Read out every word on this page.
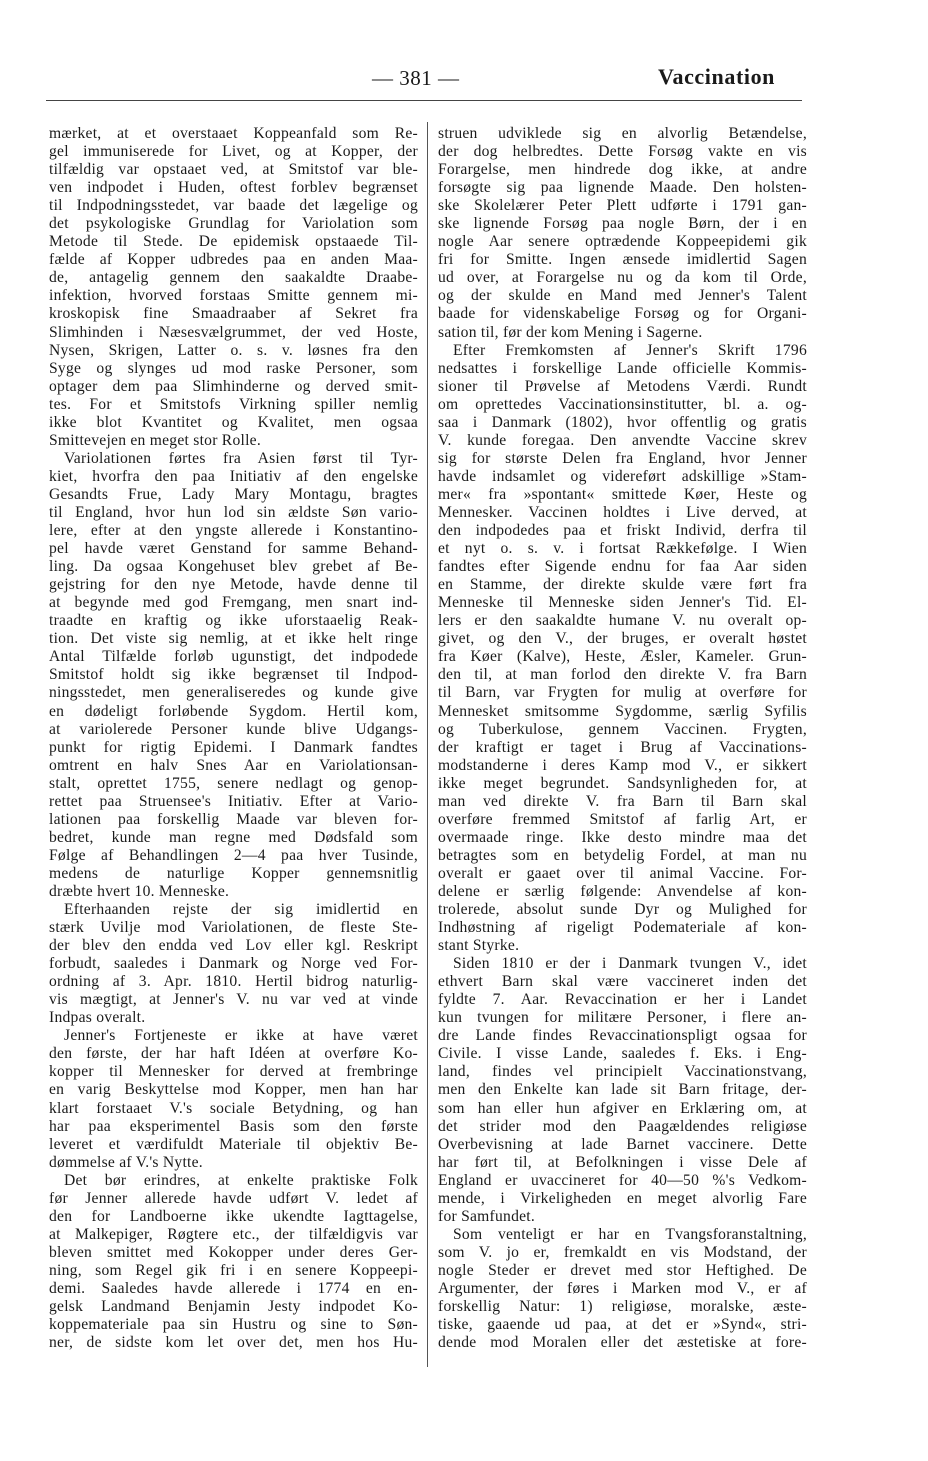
— 381 —	Vaccination
mærket, at et overstaaet Koppeanfald som Re-
gel immuniserede for Livet, og at Kopper, der
tilfældig var opstaaet ved, at Smitstof var ble-
ven indpodet i Huden, oftest forblev begrænset
til Indpodningsstedet, var baade det lægelige og
det psykologiske Grundlag for Variolation som
Metode til Stede. De epidemisk opstaaede Til-
fælde af Kopper udbredes paa en anden Maa-
de, antagelig gennem den saakaldte Draabe-
infektion, hvorved forstaas Smitte gennem mi-
kroskopisk fine Smaadraaber af Sekret fra
Slimhinden i Næsesvælgrummet, der ved Hoste,
Nysen, Skrigen, Latter o. s. v. løsnes fra den
Syge og slynges ud mod raske Personer, som
optager dem paa Slimhinderne og derved smit-
tes. For et Smitstofs Virkning spiller nemlig
ikke blot Kvantitet og Kvalitet, men ogsaa
Smittevejen en meget stor Rolle.
Variolationen førtes fra Asien først til Tyr-
kiet, hvorfra den paa Initiativ af den engelske
Gesandts Frue, Lady Mary Montagu, bragtes
til England, hvor hun lod sin ældste Søn vario-
lere, efter at den yngste allerede i Konstantino-
pel havde været Genstand for samme Behand-
ling. Da ogsaa Kongehuset blev grebet af Be-
gejstring for den nye Metode, havde denne til
at begynde med god Fremgang, men snart ind-
traadte en kraftig og ikke uforstaaelig Reak-
tion. Det viste sig nemlig, at et ikke helt ringe
Antal Tilfælde forløb ugunstigt, det indpodede
Smitstof holdt sig ikke begrænset til Indpod-
ningsstedet, men generaliseredes og kunde give
en dødeligt forløbende Sygdom. Hertil kom,
at variolerede Personer kunde blive Udgangs-
punkt for rigtig Epidemi. I Danmark fandtes
omtrent en halv Snes Aar en Variolationsan-
stalt, oprettet 1755, senere nedlagt og genop-
rettet paa Struensee's Initiativ. Efter at Vario-
lationen paa forskellig Maade var bleven for-
bedret, kunde man regne med Dødsfald som
Følge af Behandlingen 2—4 paa hver Tusinde,
medens de naturlige Kopper gennemsnitlig
dræbte hvert 10. Menneske.
Efterhaanden rejste der sig imidlertid en
stærk Uvilje mod Variolationen, de fleste Ste-
der blev den endda ved Lov eller kgl. Reskript
forbudt, saaledes i Danmark og Norge ved For-
ordning af 3. Apr. 1810. Hertil bidrog naturlig-
vis mægtigt, at Jenner's V. nu var ved at vinde
Indpas overalt.
Jenner's Fortjeneste er ikke at have været
den første, der har haft Idéen at overføre Ko-
kopper til Mennesker for derved at frembringe
en varig Beskyttelse mod Kopper, men han har
klart forstaaet V.'s sociale Betydning, og han
har paa eksperimentel Basis som den første
leveret et værdifuldt Materiale til objektiv Be-
dømmelse af V.'s Nytte.
Det bør erindres, at enkelte praktiske Folk
før Jenner allerede havde udført V. ledet af
den for Landboerne ikke ukendte Iagttagelse,
at Malkepiger, Røgtere etc., der tilfældigvis var
bleven smittet med Kokopper under deres Ger-
ning, som Regel gik fri i en senere Koppeepi-
demi. Saaledes havde allerede i 1774 en en-
gelsk Landmand Benjamin Jesty indpodet Ko-
koppemateriale paa sin Hustru og sine to Søn-
ner, de sidste kom let over det, men hos Hu-
struen udviklede sig en alvorlig Betændelse,
der dog helbredtes. Dette Forsøg vakte en vis
Forargelse, men hindrede dog ikke, at andre
forsøgte sig paa lignende Maade. Den holsten-
ske Skolelærer Peter Plett udførte i 1791 gan-
ske lignende Forsøg paa nogle Børn, der i en
nogle Aar senere optrædende Koppeepidemi gik
fri for Smitte. Ingen ænsede imidlertid Sagen
ud over, at Forargelse nu og da kom til Orde,
og der skulde en Mand med Jenner's Talent
baade for videnskabelige Forsøg og for Organi-
sation til, før der kom Mening i Sagerne.
Efter Fremkomsten af Jenner's Skrift 1796
nedsattes i forskellige Lande officielle Kommis-
sioner til Prøvelse af Metodens Værdi. Rundt
om oprettedes Vaccinationsinstitutter, bl. a. og-
saa i Danmark (1802), hvor offentlig og gratis
V. kunde foregaa. Den anvendte Vaccine skrev
sig for største Delen fra England, hvor Jenner
havde indsamlet og videreført adskillige »Stam-
mer« fra »spontant« smittede Køer, Heste og
Mennesker. Vaccinen holdtes i Live derved, at
den indpodedes paa et friskt Individ, derfra til
et nyt o. s. v. i fortsat Rækkefølge. I Wien
fandtes efter Sigende endnu for faa Aar siden
en Stamme, der direkte skulde være ført fra
Menneske til Menneske siden Jenner's Tid. El-
lers er den saakaldte humane V. nu overalt op-
givet, og den V., der bruges, er overalt høstet
fra Køer (Kalve), Heste, Æsler, Kameler. Grun-
den til, at man forlod den direkte V. fra Barn
til Barn, var Frygten for mulig at overføre for
Mennesket smitsomme Sygdomme, særlig Syfilis
og Tuberkulose, gennem Vaccinen. Frygten,
der kraftigt er taget i Brug af Vaccinations-
modstanderne i deres Kamp mod V., er sikkert
ikke meget begrundet. Sandsynligheden for, at
man ved direkte V. fra Barn til Barn skal
overføre fremmed Smitstof af farlig Art, er
overmaade ringe. Ikke desto mindre maa det
betragtes som en betydelig Fordel, at man nu
overalt er gaaet over til animal Vaccine. For-
delene er særlig følgende: Anvendelse af kon-
trolerede, absolut sunde Dyr og Mulighed for
Indhøstning af rigeligt Podemateriale af kon-
stant Styrke.
Siden 1810 er der i Danmark tvungen V., idet
ethvert Barn skal være vaccineret inden det
fyldte 7. Aar. Revaccination er her i Landet
kun tvungen for militære Personer, i flere an-
dre Lande findes Revaccinationspligt ogsaa for
Civile. I visse Lande, saaledes f. Eks. i Eng-
land, findes vel principielt Vaccinationstvang,
men den Enkelte kan lade sit Barn fritage, der-
som han eller hun afgiver en Erklæring om, at
det strider mod den Paagældendes religiøse
Overbevisning at lade Barnet vaccinere. Dette
har ført til, at Befolkningen i visse Dele af
England er uvaccineret for 40—50 %'s Vedkom-
mende, i Virkeligheden en meget alvorlig Fare
for Samfundet.
Som venteligt er har en Tvangsforanstaltning,
som V. jo er, fremkaldt en vis Modstand, der
nogle Steder er drevet med stor Heftighed. De
Argumenter, der føres i Marken mod V., er af
forskellig Natur: 1) religiøse, moralske, æste-
tiske, gaaende ud paa, at det er »Synd«, stri-
dende mod Moralen eller det æstetiske at fore-
